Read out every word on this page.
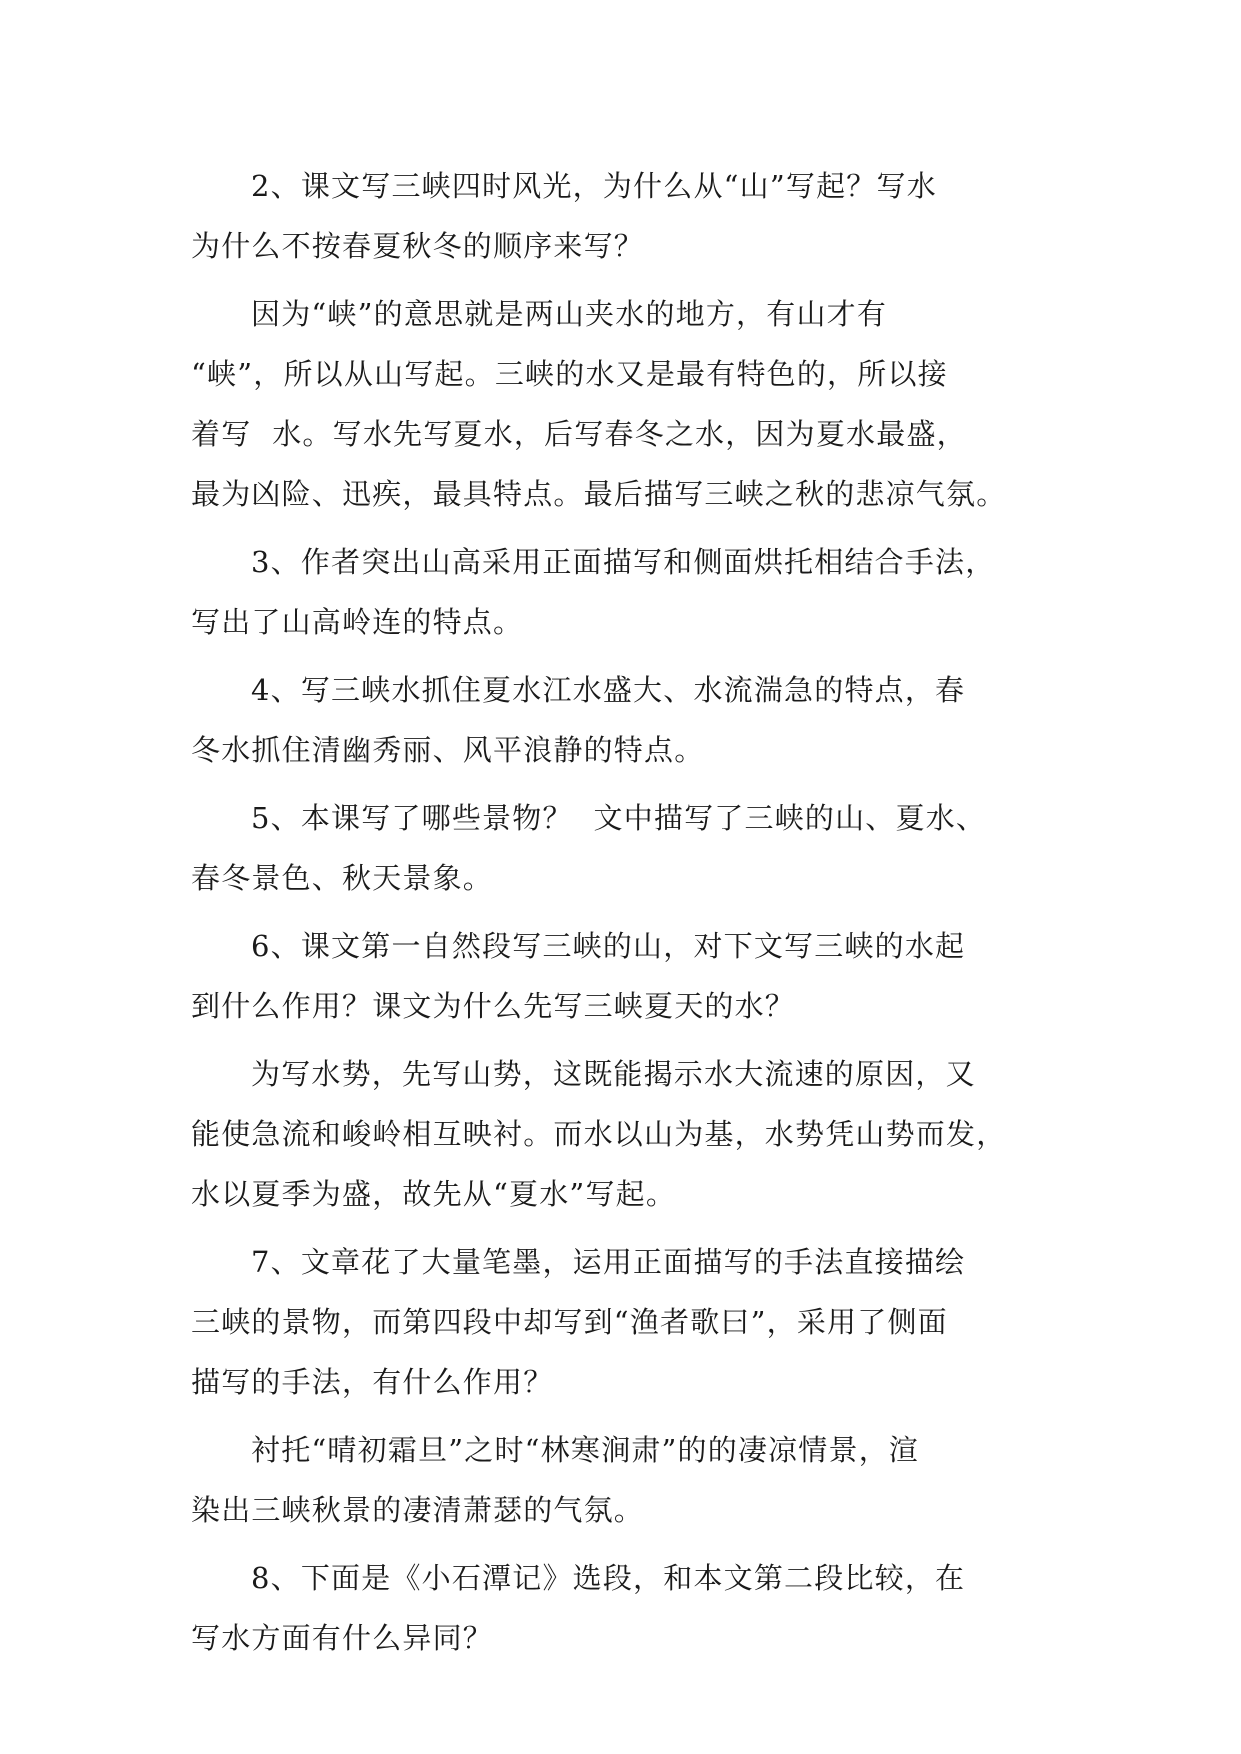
2、课文写三峡四时风光，为什么从“山”写起？写水
为什么不按春夏秋冬的顺序来写？

因为“峡”的意思就是两山夹水的地方，有山才有
“峡”，所以从山写起。三峡的水又是最有特色的，所以接
着写  水。写水先写夏水，后写春冬之水，因为夏水最盛，
最为凶险、迅疾，最具特点。最后描写三峡之秋的悲凉气氛。

3、作者突出山高采用正面描写和侧面烘托相结合手法，
写出了山高岭连的特点。

4、写三峡水抓住夏水江水盛大、水流湍急的特点，春
冬水抓住清幽秀丽、风平浪静的特点。

5、本课写了哪些景物？  文中描写了三峡的山、夏水、
春冬景色、秋天景象。

6、课文第一自然段写三峡的山，对下文写三峡的水起
到什么作用？课文为什么先写三峡夏天的水？

为写水势，先写山势，这既能揭示水大流速的原因，又
能使急流和峻岭相互映衬。而水以山为基，水势凭山势而发，
水以夏季为盛，故先从“夏水”写起。

7、文章花了大量笔墨，运用正面描写的手法直接描绘
三峡的景物，而第四段中却写到“渔者歌曰”，采用了侧面
描写的手法，有什么作用？

衬托“晴初霜旦”之时“林寒涧肃”的的凄凉情景，渲
染出三峡秋景的凄清萧瑟的气氛。

8、下面是《小石潭记》选段，和本文第二段比较，在
写水方面有什么异同？
